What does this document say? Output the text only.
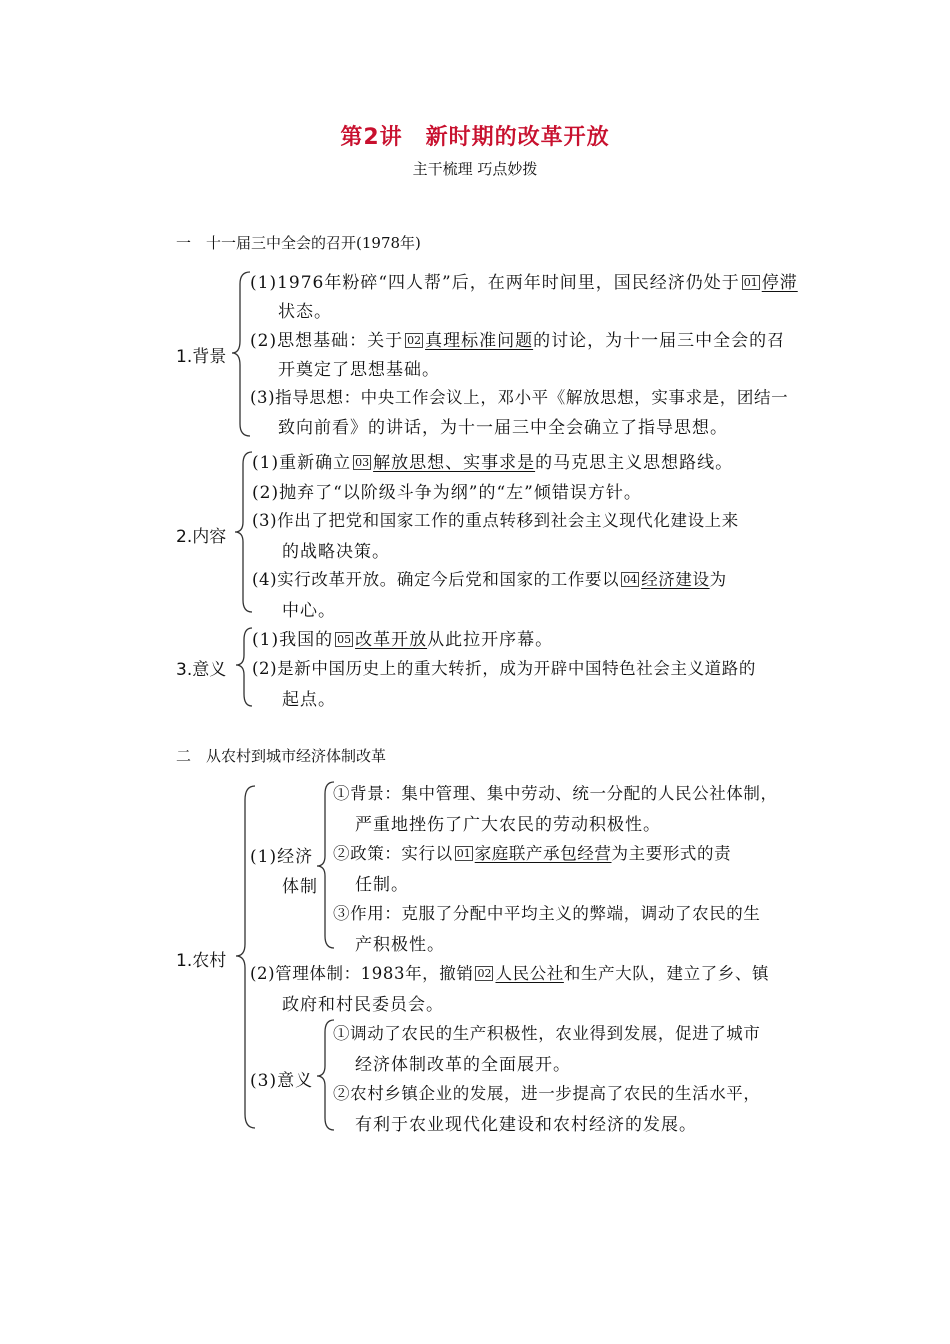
第2讲　新时期的改革开放
主干梳理 巧点妙拨
一　十一届三中全会的召开(1978年)
1.背景
(1)1976年粉碎“四人帮”后，在两年时间里，国民经济仍处于 01 停滞
状态。
(2)思想基础：关于 02 真理标准问题的讨论，为十一届三中全会的召
开奠定了思想基础。
(3)指导思想：中央工作会议上，邓小平《解放思想，实事求是，团结一
致向前看》的讲话，为十一届三中全会确立了指导思想。
2.内容
(1)重新确立 03 解放思想、实事求是的马克思主义思想路线。
(2)抛弃了“以阶级斗争为纲”的“左”倾错误方针。
(3)作出了把党和国家工作的重点转移到社会主义现代化建设上来
的战略决策。
(4)实行改革开放。确定今后党和国家的工作要以 04 经济建设为
中心。
3.意义
(1)我国的 05 改革开放从此拉开序幕。
(2)是新中国历史上的重大转折，成为开辟中国特色社会主义道路的
起点。
二　从农村到城市经济体制改革
1.农村
(1)经济
体制
①背景：集中管理、集中劳动、统一分配的人民公社体制，
严重地挫伤了广大农民的劳动积极性。
②政策：实行以 01 家庭联产承包经营为主要形式的责
任制。
③作用：克服了分配中平均主义的弊端，调动了农民的生
产积极性。
(2)管理体制：1983年，撤销 02 人民公社和生产大队，建立了乡、镇
政府和村民委员会。
(3)意义
①调动了农民的生产积极性，农业得到发展，促进了城市
经济体制改革的全面展开。
②农村乡镇企业的发展，进一步提高了农民的生活水平，
有利于农业现代化建设和农村经济的发展。
